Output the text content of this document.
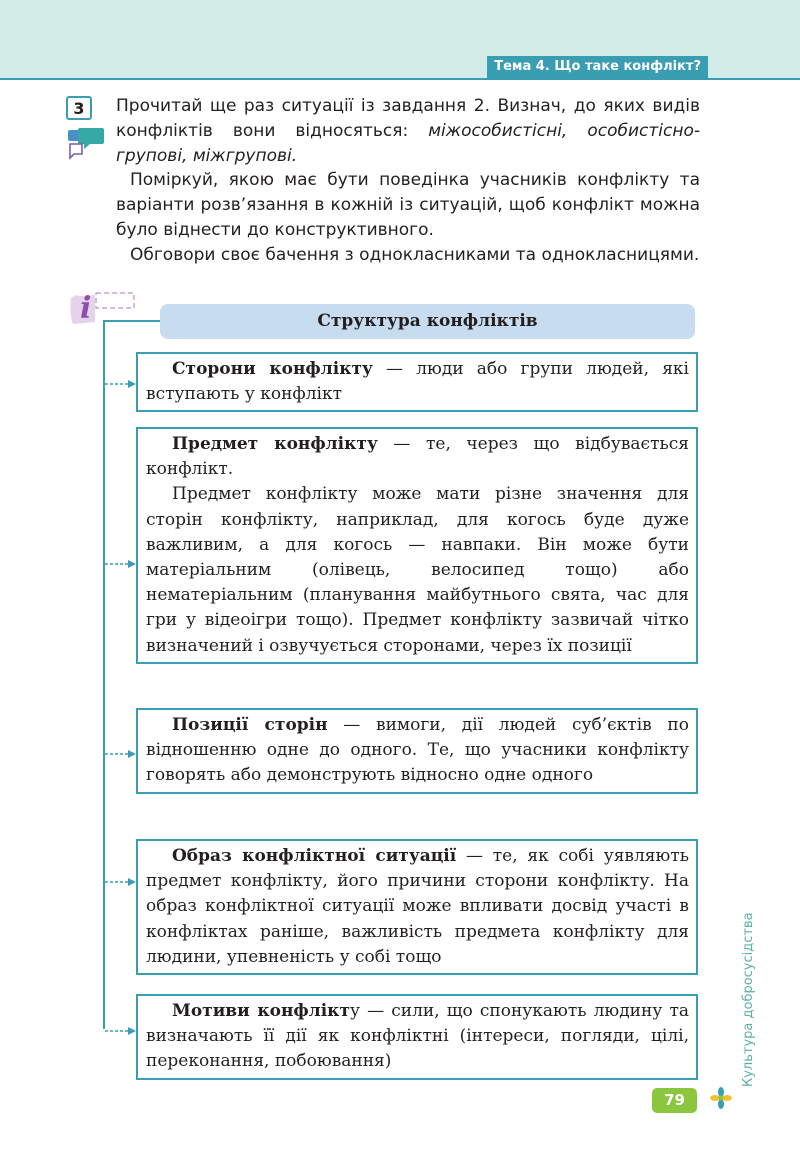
Тема 4. Що таке конфлікт?
3	Прочитай ще раз ситуації із завдання 2. Визнач, до яких видів конфліктів вони відносяться: міжособистісні, особистісно-групові, міжгрупові.

Поміркуй, якою має бути поведінка учасників конфлікту та варіанти розв’язання в кожній із ситуацій, щоб конфлікт можна було віднести до конструктивного.

Обговори своє бачення з однокласниками та однокласницями.

i	Структура конфліктів

Сторони конфлікту — люди або групи людей, які вступають у конфлікт

Предмет конфлікту — те, через що відбувається конфлікт.

Предмет конфлікту може мати різне значення для сторін конфлікту, наприклад, для когось буде дуже важливим, а для когось — навпаки. Він може бути матеріальним (олівець, велосипед тощо) або нематеріальним (планування майбутнього свята, час для гри у відеоігри тощо). Предмет конфлікту зазвичай чітко визначений і озвучується сторонами, через їх позиції

Позиції сторін — вимоги, дії людей суб’єктів по відношенню одне до одного. Те, що учасники конфлікту говорять або демонструють відносно одне одного

Образ конфліктної ситуації — те, як собі уявляють предмет конфлікту, його причини сторони конфлікту. На образ конфліктної ситуації може впливати досвід участі в конфліктах раніше, важливість предмета конфлікту для людини, упевненість у собі тощо

Мотиви конфлікту — сили, що спонукають людину та визначають її дії як конфліктні (інтереси, погляди, цілі, переконання, побоювання)	Культура добросусідства
79
